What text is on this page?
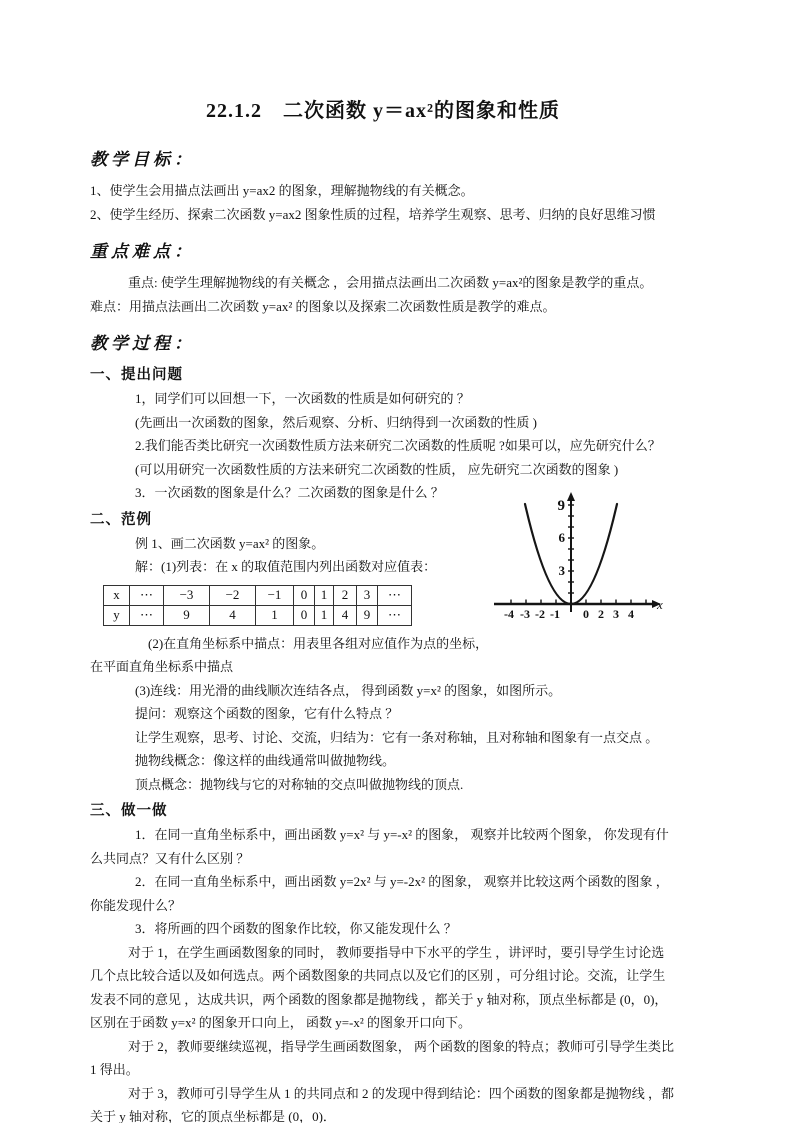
22.1.2　二次函数 y＝ax²的图象和性质
教学目标：

1、使学生会用描点法画出 y=ax2 的图象，理解抛物线的有关概念。

2、使学生经历、探索二次函数 y=ax2 图象性质的过程，培养学生观察、思考、归纳的良好思维习惯

重点难点：

重点: 使学生理解抛物线的有关概念 ，会用描点法画出二次函数 y=ax²的图象是教学的重点。

难点：用描点法画出二次函数 y=ax² 的图象以及探索二次函数性质是教学的难点。

教学过程：
一、提出问题

1，同学们可以回想一下，一次函数的性质是如何研究的 ？

(先画出一次函数的图象，然后观察、分析、归纳得到一次函数的性质 )

2.我们能否类比研究一次函数性质方法来研究二次函数的性质呢 ?如果可以，应先研究什么？

(可以用研究一次函数性质的方法来研究二次函数的性质， 应先研究二次函数的图象 )

3．一次函数的图象是什么？二次函数的图象是什么 ？

二、范例

例 1、画二次函数 y=ax² 的图象。

解：(1)列表：在 x 的取值范围内列出函数对应值表：

x	⋯	−3	−2	−1	0	1	2	3	⋯
y	⋯	9	4	1	0	1	4	9	⋯

(2)在直角坐标系中描点：用表里各组对应值作为点的坐标，在平面直角坐标系中描点

(3)连线：用光滑的曲线顺次连结各点， 得到函数 y=x² 的图象，如图所示。

提问：观察这个函数的图象，它有什么特点 ？

让学生观察，思考、讨论、交流，归结为：它有一条对称轴，且对称轴和图象有一点交点 。

抛物线概念：像这样的曲线通常叫做抛物线。

顶点概念：抛物线与它的对称轴的交点叫做抛物线的顶点.

三、做一做

1．在同一直角坐标系中，画出函数 y=x² 与 y=-x² 的图象， 观察并比较两个图象， 你发现有什么共同点？又有什么区别 ？

2．在同一直角坐标系中，画出函数 y=2x² 与 y=-2x² 的图象， 观察并比较这两个函数的图象 ，你能发现什么？

3．将所画的四个函数的图象作比较，你又能发现什么 ？

对于 1，在学生画函数图象的同时， 教师要指导中下水平的学生 ，讲评时，要引导学生讨论选几个点比较合适以及如何选点。两个函数图象的共同点以及它们的区别 ，可分组讨论。交流，让学生发表不同的意见 ，达成共识，两个函数的图象都是抛物线 ，都关于 y 轴对称，顶点坐标都是 (0，0)， 区别在于函数 y=x² 的图象开口向上， 函数 y=-x² 的图象开口向下。

对于 2，教师要继续巡视，指导学生画函数图象， 两个函数的图象的特点；教师可引导学生类比 1 得出。

对于 3，教师可引导学生从 1 的共同点和 2 的发现中得到结论：四个函数的图象都是抛物线 ，都关于 y 轴对称，它的顶点坐标都是 (0，0)．

-4 -3 -2 -1 0 2 3 4
3
6
9
x
